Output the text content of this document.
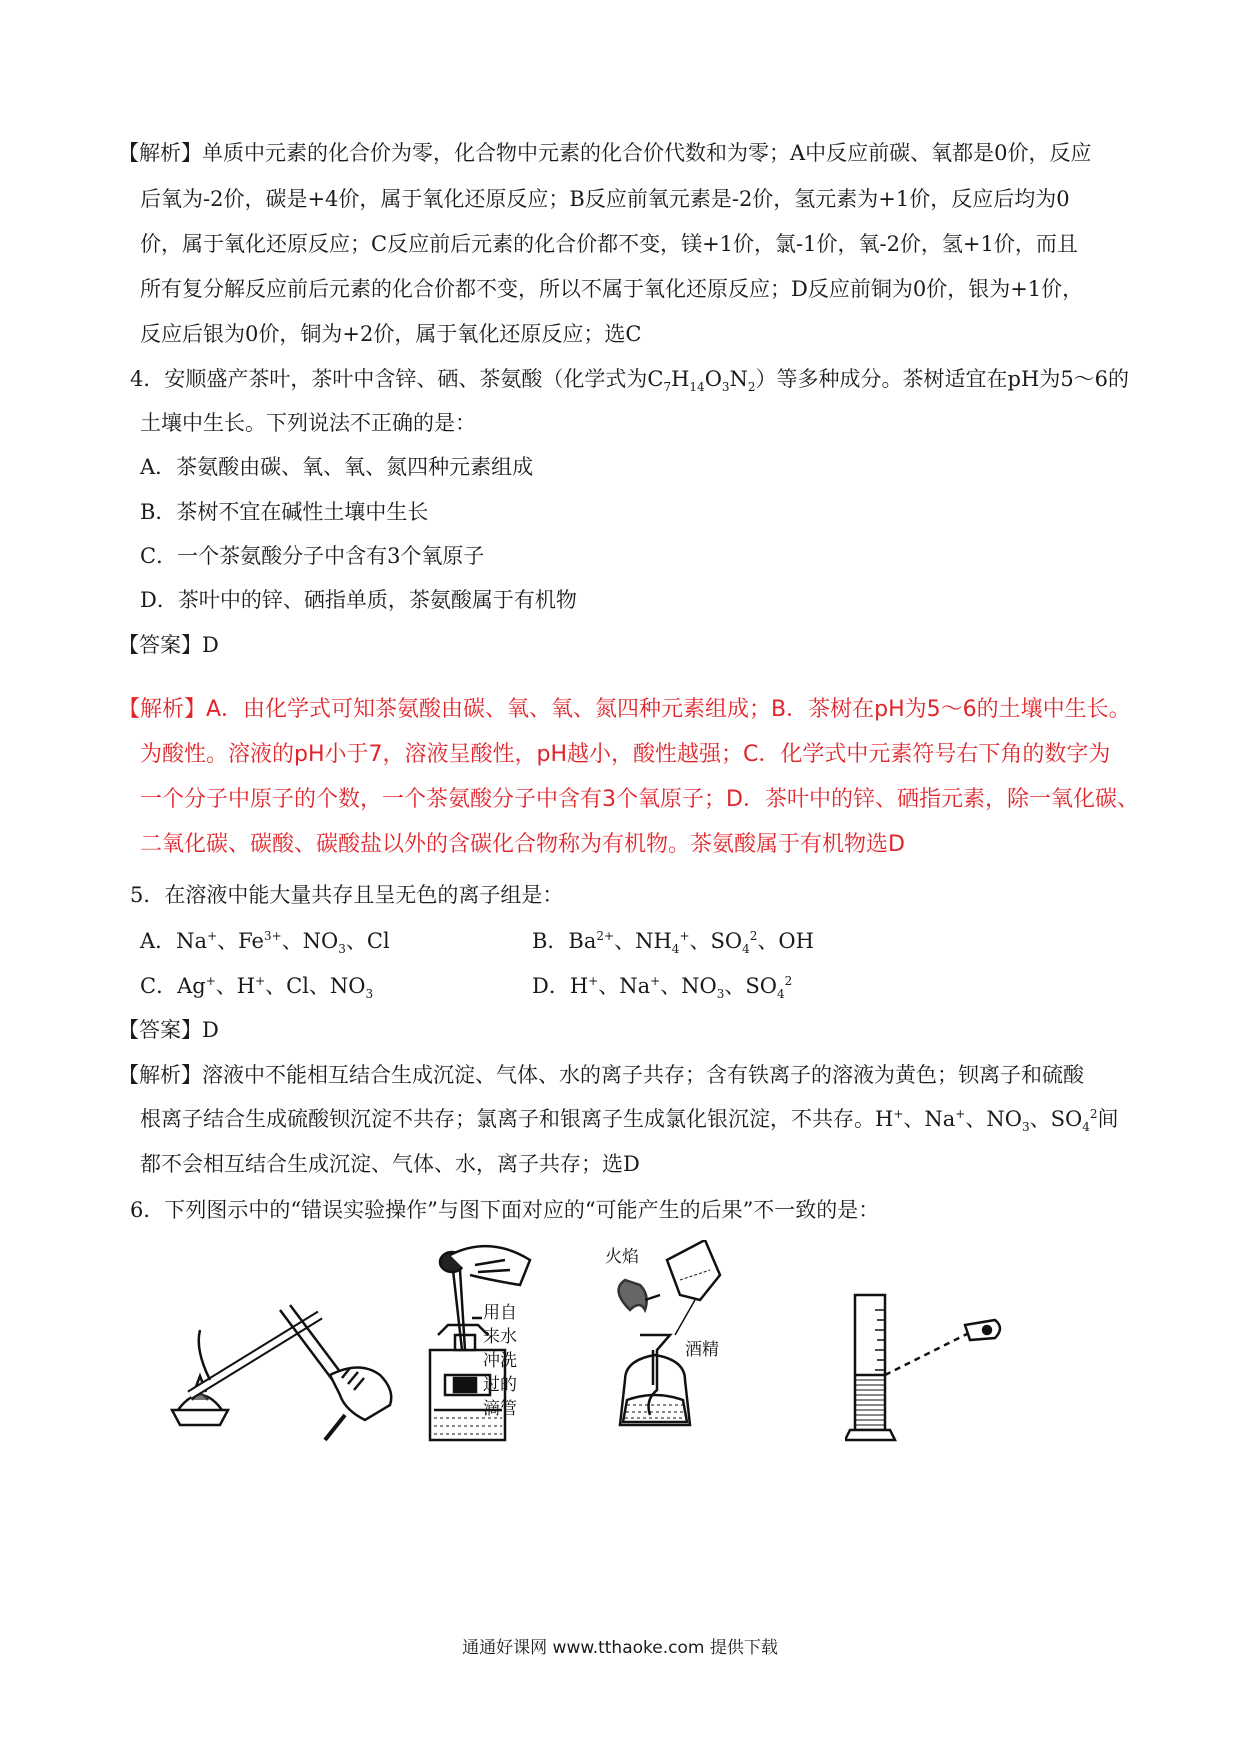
【解析】单质中元素的化合价为零，化合物中元素的化合价代数和为零；A中反应前碳、氧都是0价，反应
后氧为-2价，碳是+4价，属于氧化还原反应；B反应前氧元素是-2价，氢元素为+1价，反应后均为0
价，属于氧化还原反应；C反应前后元素的化合价都不变，镁+1价，氯-1价，氧-2价，氢+1价，而且
所有复分解反应前后元素的化合价都不变，所以不属于氧化还原反应；D反应前铜为0价，银为+1价，
反应后银为0价，铜为+2价，属于氧化还原反应；选C
4．安顺盛产茶叶，茶叶中含锌、硒、茶氨酸（化学式为$C_7H_{14}O_3N_2$）等多种成分。茶树适宜在pH为5～6的
土壤中生长。下列说法不正确的是：
A．茶氨酸由碳、氧、氧、氮四种元素组成
B．茶树不宜在碱性土壤中生长
C．一个茶氨酸分子中含有3个氧原子
D．茶叶中的锌、硒指单质，茶氨酸属于有机物
【答案】D
【解析】A．由化学式可知茶氨酸由碳、氧、氧、氮四种元素组成；B．茶树在pH为5～6的土壤中生长。
为酸性。溶液的pH小于7，溶液呈酸性，pH越小，酸性越强；C．化学式中元素符号右下角的数字为
一个分子中原子的个数，一个茶氨酸分子中含有3个氧原子；D．茶叶中的锌、硒指元素，除一氧化碳、
二氧化碳、碳酸、碳酸盐以外的含碳化合物称为有机物。茶氨酸属于有机物选D
5．在溶液中能大量共存且呈无色的离子组是：
A．Na+、$Fe^{3+}$、$NO_3$、Cl	B．$Ba^{2+}$、$NH_4^+$、$SO_4^2$、OH
C．Ag+、H+、Cl、$NO_3$	D．H+、Na+、$NO_3$、$SO_4^2$
【答案】D
【解析】溶液中不能相互结合生成沉淀、气体、水的离子共存；含有铁离子的溶液为黄色；钡离子和硫酸
根离子结合生成硫酸钡沉淀不共存；氯离子和银离子生成氯化银沉淀，不共存。H+、Na+、$NO_3$、$SO_4^2$间
都不会相互结合生成沉淀、气体、水，离子共存；选D
6．下列图示中的“错误实验操作”与图下面对应的“可能产生的后果”不一致的是：
用自
来水
冲洗
过的
滴管
火焰
酒精
通通好课网 www.tthaoke.com 提供下载
